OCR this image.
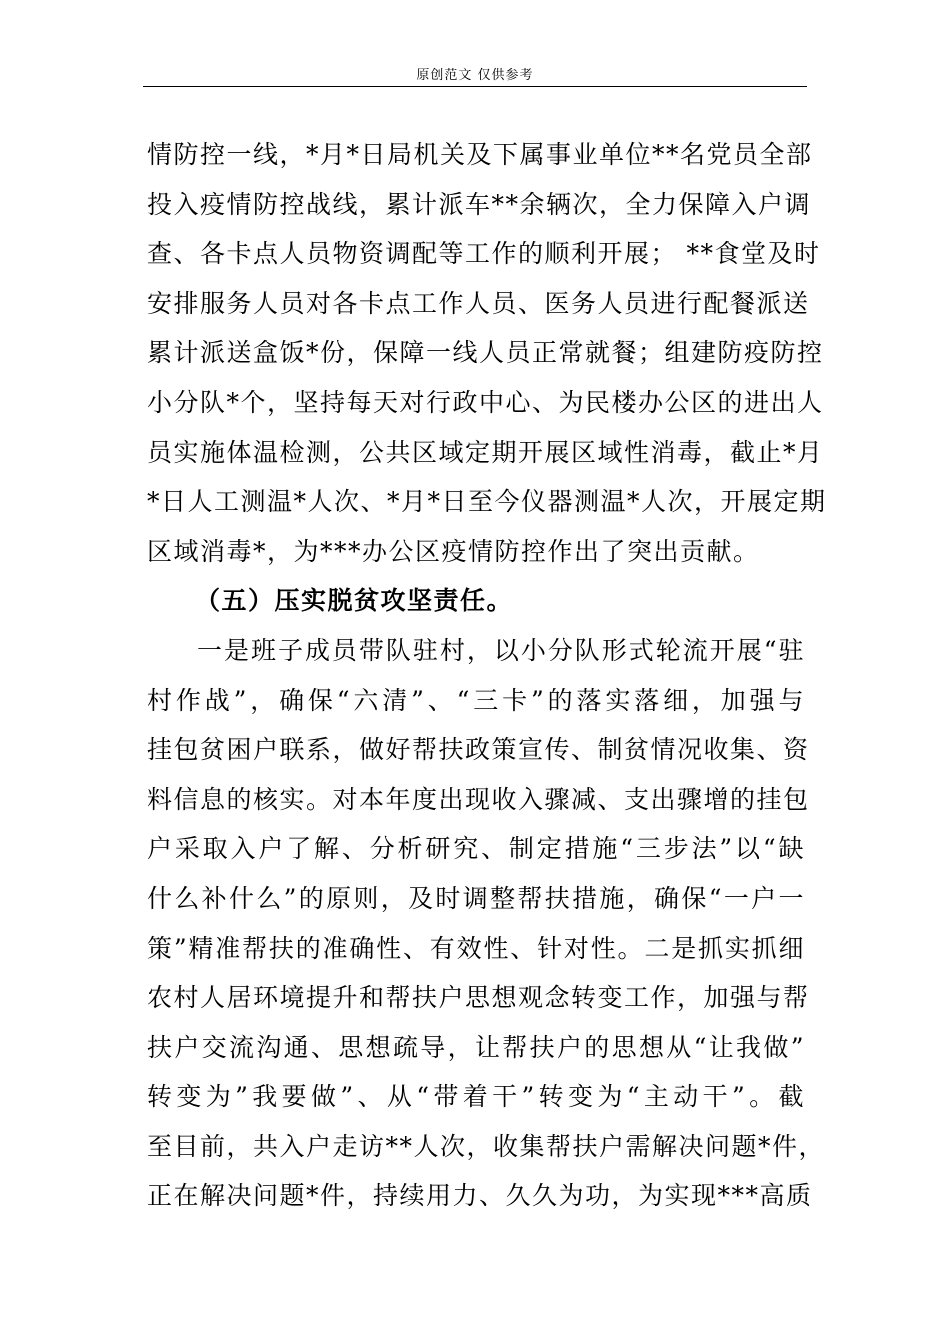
原创范文 仅供参考
情防控一线，*月*日局机关及下属事业单位**名党员全部
投入疫情防控战线，累计派车**余辆次，全力保障入户调
查、各卡点人员物资调配等工作的顺利开展； **食堂及时
安排服务人员对各卡点工作人员、医务人员进行配餐派送
累计派送盒饭*份，保障一线人员正常就餐；组建防疫防控
小分队*个，坚持每天对行政中心、为民楼办公区的进出人
员实施体温检测，公共区域定期开展区域性消毒，截止*月
*日人工测温*人次、*月*日至今仪器测温*人次，开展定期
区域消毒*，为***办公区疫情防控作出了突出贡献。
（五）压实脱贫攻坚责任。
一是班子成员带队驻村，以小分队形式轮流开展“驻
村作战”，确保“六清”、“三卡”的落实落细，加强与
挂包贫困户联系，做好帮扶政策宣传、制贫情况收集、资
料信息的核实。对本年度出现收入骤减、支出骤增的挂包
户采取入户了解、分析研究、制定措施“三步法”以“缺
什么补什么”的原则，及时调整帮扶措施，确保“一户一
策”精准帮扶的准确性、有效性、针对性。二是抓实抓细
农村人居环境提升和帮扶户思想观念转变工作，加强与帮
扶户交流沟通、思想疏导，让帮扶户的思想从“让我做”
转变为”我要做”、从“带着干”转变为“主动干”。截
至目前，共入户走访**人次，收集帮扶户需解决问题*件，
正在解决问题*件，持续用力、久久为功，为实现***高质
